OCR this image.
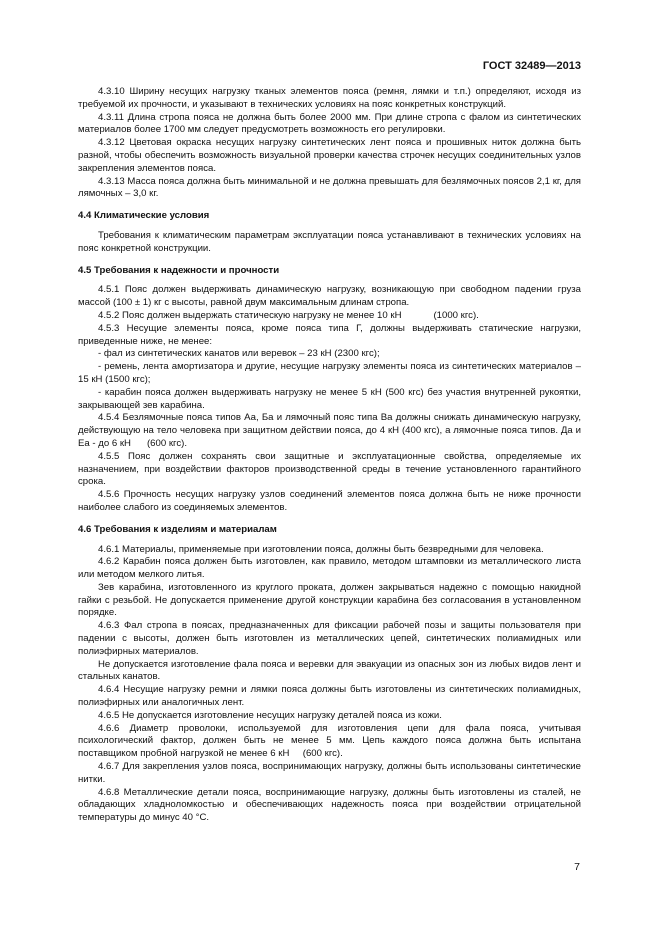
ГОСТ 32489—2013

4.3.10 Ширину несущих нагрузку тканых элементов пояса (ремня, лямки и т.п.) определяют, исходя из требуемой их прочности, и указывают в технических условиях на пояс конкретных конструкций.

4.3.11 Длина стропа пояса не должна быть более 2000 мм. При длине стропа с фалом из синтетических материалов более 1700 мм следует предусмотреть возможность его регулировки.

4.3.12 Цветовая окраска несущих нагрузку синтетических лент пояса и прошивных ниток должна быть разной, чтобы обеспечить возможность визуальной проверки качества строчек несущих соединительных узлов закрепления элементов пояса.

4.3.13 Масса пояса должна быть минимальной и не должна превышать для безлямочных поясов 2,1 кг, для лямочных – 3,0 кг.

4.4 Климатические условия

Требования к климатическим параметрам эксплуатации пояса устанавливают в технических условиях на пояс конкретной конструкции.

4.5 Требования к надежности и прочности

4.5.1 Пояс должен выдерживать динамическую нагрузку, возникающую при свободном падении груза массой (100 ± 1) кг с высоты, равной двум максимальным длинам стропа.

4.5.2 Пояс должен выдержать статическую нагрузку не менее 10 кН            (1000 кгс).

4.5.3 Несущие элементы пояса, кроме пояса типа Г, должны выдерживать статические нагрузки, приведенные ниже, не менее:

- фал из синтетических канатов или веревок – 23 кН (2300 кгс);

- ремень, лента амортизатора и другие, несущие нагрузку элементы пояса из синтетических материалов – 15 кН (1500 кгс);

- карабин пояса должен выдерживать нагрузку не менее 5 кН (500 кгс) без участия внутренней рукоятки, закрывающей зев карабина.

4.5.4 Безлямочные пояса типов Аа, Ба и лямочный пояс типа Ва должны снижать динамическую нагрузку, действующую на тело человека при защитном действии пояса, до 4 кН (400 кгс), а лямочные пояса типов. Да и Еа - до 6 кН      (600 кгс).

4.5.5 Пояс должен сохранять свои защитные и эксплуатационные свойства, определяемые их назначением, при воздействии факторов производственной среды в течение установленного гарантийного срока.

4.5.6 Прочность несущих нагрузку узлов соединений элементов пояса должна быть не ниже прочности наиболее слабого из соединяемых элементов.

4.6 Требования к изделиям и материалам

4.6.1 Материалы, применяемые при изготовлении пояса, должны быть безвредными для человека.

4.6.2 Карабин пояса должен быть изготовлен, как правило, методом штамповки из металлического листа или методом мелкого литья.

Зев карабина, изготовленного из круглого проката, должен закрываться надежно с помощью накидной гайки с резьбой. Не допускается применение другой конструкции карабина без согласования в установленном порядке.

4.6.3 Фал стропа в поясах, предназначенных для фиксации рабочей позы и защиты пользователя при падении с высоты, должен быть изготовлен из металлических цепей, синтетических полиамидных или полиэфирных материалов.

Не допускается изготовление фала пояса и веревки для эвакуации из опасных зон из любых видов лент и стальных канатов.

4.6.4 Несущие нагрузку ремни и лямки пояса должны быть изготовлены из синтетических полиамидных, полиэфирных или аналогичных лент.

4.6.5 Не допускается изготовление несущих нагрузку деталей пояса из кожи.

4.6.6 Диаметр проволоки, используемой для изготовления цепи для фала пояса, учитывая психологический фактор, должен быть не менее 5 мм. Цепь каждого пояса должна быть испытана поставщиком пробной нагрузкой не менее 6 кН     (600 кгс).

4.6.7 Для закрепления узлов пояса, воспринимающих нагрузку, должны быть использованы синтетические нитки.

4.6.8 Металлические детали пояса, воспринимающие нагрузку, должны быть изготовлены из сталей, не обладающих хладноломкостью и обеспечивающих надежность пояса при воздействии отрицательной температуры до минус 40 °С.

7
